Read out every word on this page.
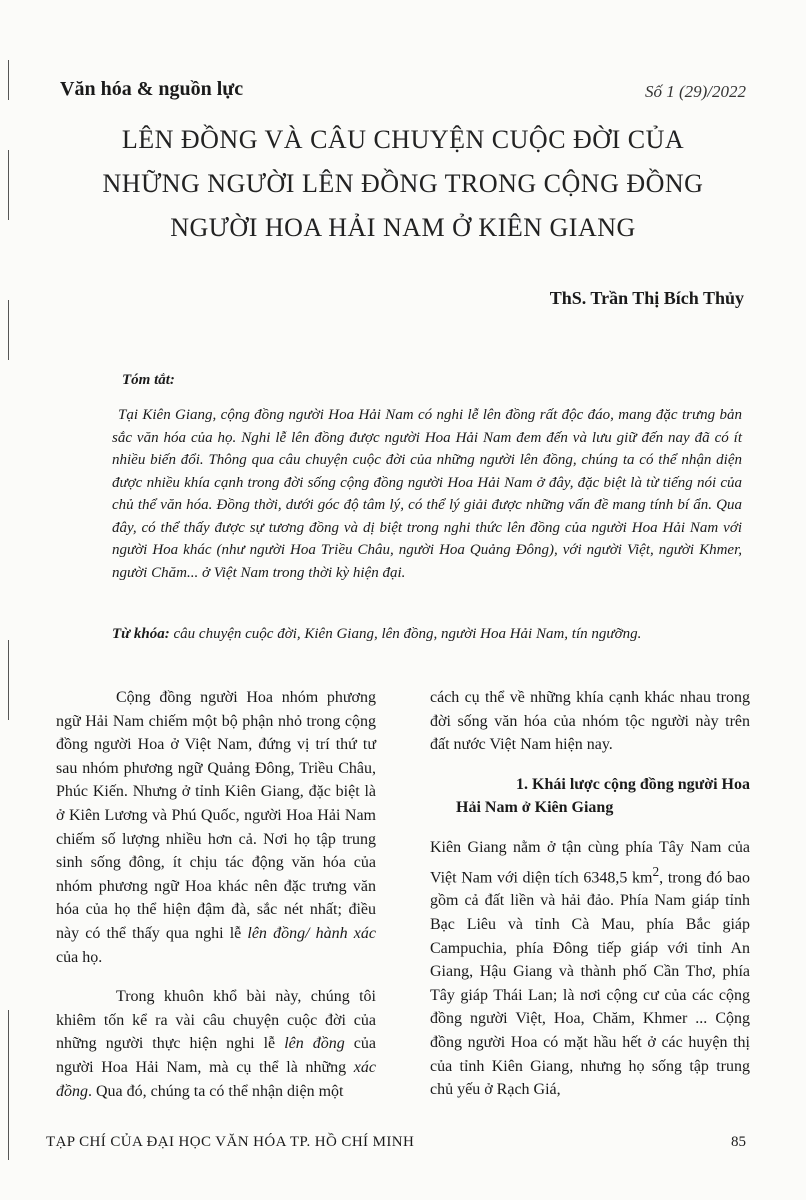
Văn hóa & nguồn lực	Số 1 (29)/2022
LÊN ĐỒNG VÀ CÂU CHUYỆN CUỘC ĐỜI CỦA
NHỮNG NGƯỜI LÊN ĐỒNG TRONG CỘNG ĐỒNG
NGƯỜI HOA HẢI NAM Ở KIÊN GIANG
ThS. Trần Thị Bích Thủy
Tóm tắt:
Tại Kiên Giang, cộng đồng người Hoa Hải Nam có nghi lễ lên đồng rất độc đáo, mang đặc trưng bản sắc văn hóa của họ. Nghi lễ lên đồng được người Hoa Hải Nam đem đến và lưu giữ đến nay đã có ít nhiều biến đổi. Thông qua câu chuyện cuộc đời của những người lên đồng, chúng ta có thể nhận diện được nhiều khía cạnh trong đời sống cộng đồng người Hoa Hải Nam ở đây, đặc biệt là từ tiếng nói của chủ thể văn hóa. Đồng thời, dưới góc độ tâm lý, có thể lý giải được những vấn đề mang tính bí ẩn. Qua đây, có thể thấy được sự tương đồng và dị biệt trong nghi thức lên đồng của người Hoa Hải Nam với người Hoa khác (như người Hoa Triều Châu, người Hoa Quảng Đông), với người Việt, người Khmer, người Chăm... ở Việt Nam trong thời kỳ hiện đại.
Từ khóa: câu chuyện cuộc đời, Kiên Giang, lên đồng, người Hoa Hải Nam, tín ngưỡng.

Cộng đồng người Hoa nhóm phương ngữ Hải Nam chiếm một bộ phận nhỏ trong cộng đồng người Hoa ở Việt Nam, đứng vị trí thứ tư sau nhóm phương ngữ Quảng Đông, Triều Châu, Phúc Kiến. Nhưng ở tỉnh Kiên Giang, đặc biệt là ở Kiên Lương và Phú Quốc, người Hoa Hải Nam chiếm số lượng nhiều hơn cả. Nơi họ tập trung sinh sống đông, ít chịu tác động văn hóa của nhóm phương ngữ Hoa khác nên đặc trưng văn hóa của họ thể hiện đậm đà, sắc nét nhất; điều này có thể thấy qua nghi lễ lên đồng/ hành xác của họ.

Trong khuôn khổ bài này, chúng tôi khiêm tốn kể ra vài câu chuyện cuộc đời của những người thực hiện nghi lễ lên đồng của người Hoa Hải Nam, mà cụ thể là những xác đồng. Qua đó, chúng ta có thể nhận diện một

cách cụ thể về những khía cạnh khác nhau trong đời sống văn hóa của nhóm tộc người này trên đất nước Việt Nam hiện nay.

1. Khái lược cộng đồng người Hoa Hải Nam ở Kiên Giang

Kiên Giang nằm ở tận cùng phía Tây Nam của Việt Nam với diện tích 6348,5 $km^2$, trong đó bao gồm cả đất liền và hải đảo. Phía Nam giáp tỉnh Bạc Liêu và tỉnh Cà Mau, phía Bắc giáp Campuchia, phía Đông tiếp giáp với tỉnh An Giang, Hậu Giang và thành phố Cần Thơ, phía Tây giáp Thái Lan; là nơi cộng cư của các cộng đồng người Việt, Hoa, Chăm, Khmer ... Cộng đồng người Hoa có mặt hầu hết ở các huyện thị của tỉnh Kiên Giang, nhưng họ sống tập trung chủ yếu ở Rạch Giá,

TẠP CHÍ CỦA ĐẠI HỌC VĂN HÓA TP. HỒ CHÍ MINH	85
